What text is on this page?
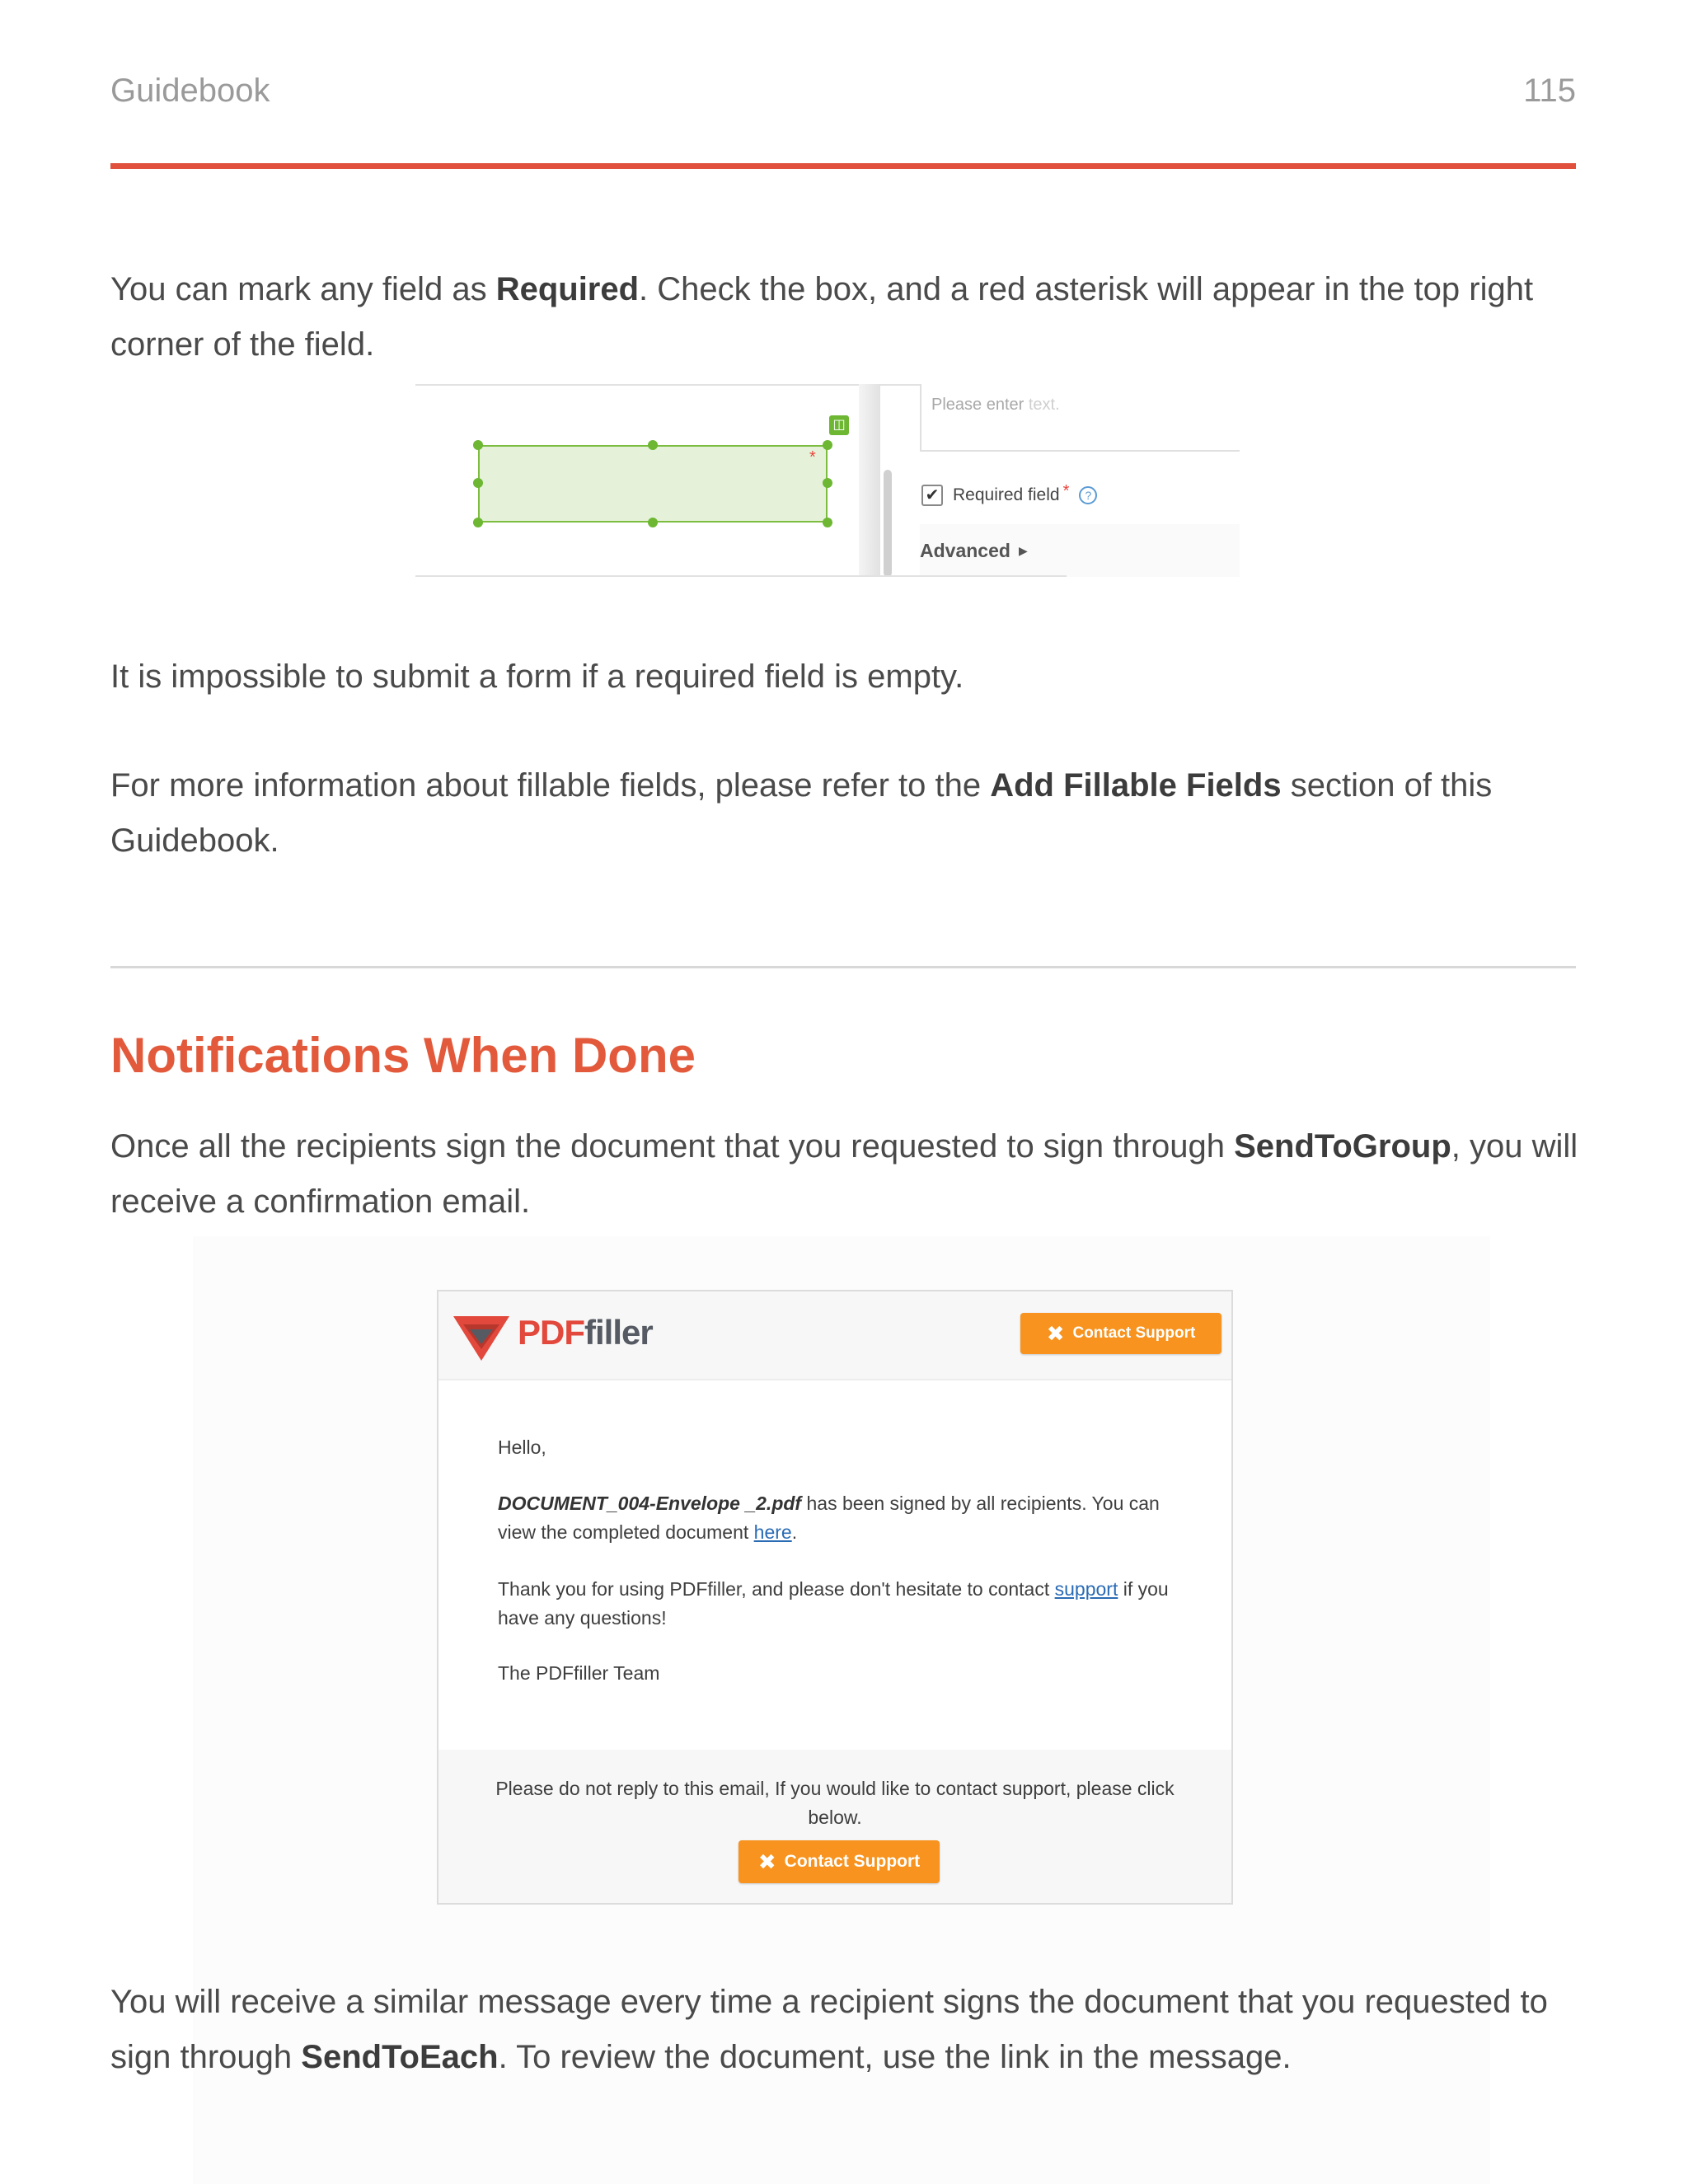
Guidebook	115

You can mark any field as Required. Check the box, and a red asterisk will appear in the top right corner of the field.

*
◫
Please enter text.
✔ Required field *	?
Advanced ▶

It is impossible to submit a form if a required field is empty.

For more information about fillable fields, please refer to the Add Fillable Fields section of this Guidebook.

Notifications When Done

Once all the recipients sign the document that you requested to sign through SendToGroup, you will receive a confirmation email.

PDFfiller	✖ Contact Support
Hello,
DOCUMENT_004-Envelope _2.pdf has been signed by all recipients. You can view the completed document here.
Thank you for using PDFfiller, and please don't hesitate to contact support if you have any questions!
The PDFfiller Team
Please do not reply to this email, If you would like to contact support, please click below.
✖ Contact Support

You will receive a similar message every time a recipient signs the document that you requested to sign through SendToEach. To review the document, use the link in the message.
